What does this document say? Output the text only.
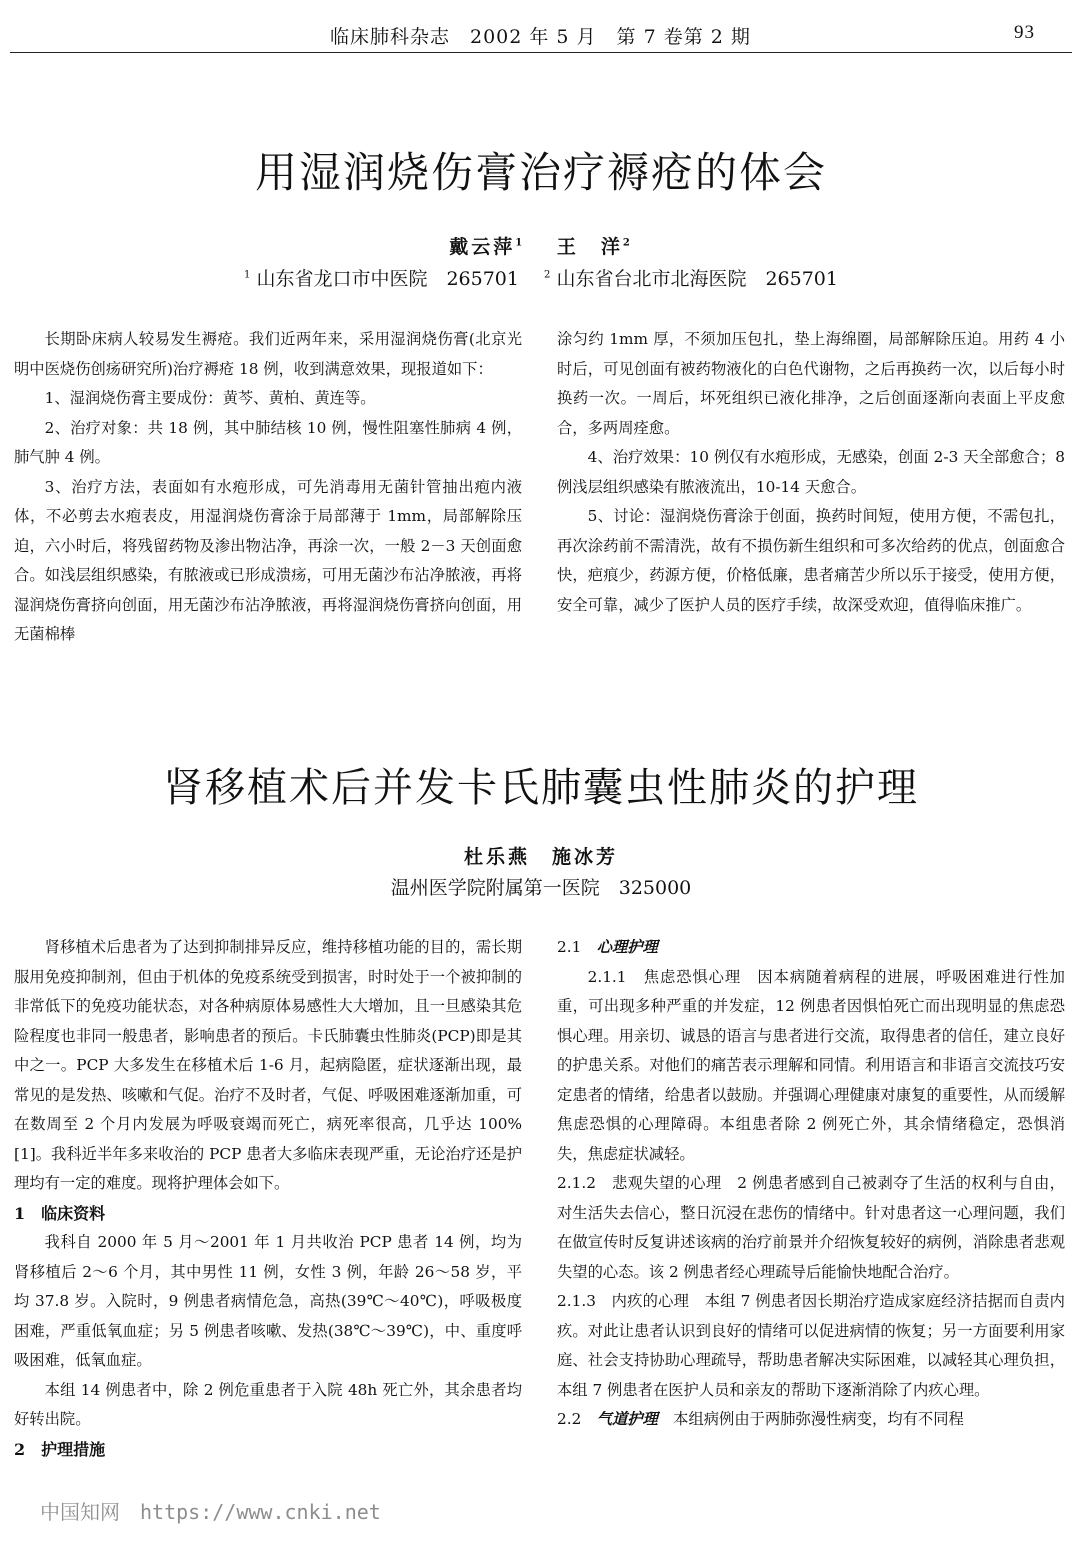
临床肺科杂志　2002 年 5 月　第 7 卷第 2 期	93
用湿润烧伤膏治疗褥疮的体会
戴云萍$^1$　 王　洋$^2$
$^1$ 山东省龙口市中医院　265701 　	$^2$ 山东省台北市北海医院　265701

长期卧床病人较易发生褥疮。我们近两年来，采用湿润烧伤膏(北京光明中医烧伤创疡研究所)治疗褥疮 18 例，收到满意效果，现报道如下：

1、湿润烧伤膏主要成份：黄芩、黄柏、黄连等。

2、治疗对象：共 18 例，其中肺结核 10 例，慢性阻塞性肺病 4 例，肺气肿 4 例。

3、治疗方法，表面如有水疱形成，可先消毒用无菌针管抽出疱内液体，不必剪去水疱表皮，用湿润烧伤膏涂于局部薄于 1mm，局部解除压迫，六小时后，将残留药物及渗出物沾净，再涂一次，一般 2－3 天创面愈合。如浅层组织感染，有脓液或已形成溃疡，可用无菌沙布沾净脓液，再将湿润烧伤膏挤向创面，用无菌沙布沾净脓液，再将湿润烧伤膏挤向创面，用无菌棉棒

涂匀约 1mm 厚，不须加压包扎，垫上海绵圈，局部解除压迫。用药 4 小时后，可见创面有被药物液化的白色代谢物，之后再换药一次，以后每小时换药一次。一周后，坏死组织已液化排净，之后创面逐渐向表面上平皮愈合，多两周痊愈。

4、治疗效果：10 例仅有水疱形成，无感染，创面 2-3 天全部愈合；8 例浅层组织感染有脓液流出，10-14 天愈合。

5、讨论：湿润烧伤膏涂于创面，换药时间短，使用方便，不需包扎，再次涂药前不需清洗，故有不损伤新生组织和可多次给药的优点，创面愈合快，疤痕少，药源方便，价格低廉，患者痛苦少所以乐于接受，使用方便，安全可靠，减少了医护人员的医疗手续，故深受欢迎，值得临床推广。

肾移植术后并发卡氏肺囊虫性肺炎的护理
杜乐燕　施冰芳
温州医学院附属第一医院　325000

肾移植术后患者为了达到抑制排异反应，维持移植功能的目的，需长期服用免疫抑制剂，但由于机体的免疫系统受到损害，时时处于一个被抑制的非常低下的免疫功能状态，对各种病原体易感性大大增加，且一旦感染其危险程度也非同一般患者，影响患者的预后。卡氏肺囊虫性肺炎(PCP)即是其中之一。PCP 大多发生在移植术后 1-6 月，起病隐匿，症状逐渐出现，最常见的是发热、咳嗽和气促。治疗不及时者，气促、呼吸困难逐渐加重，可在数周至 2 个月内发展为呼吸衰竭而死亡，病死率很高，几乎达 100%[1]。我科近半年多来收治的 PCP 患者大多临床表现严重，无论治疗还是护理均有一定的难度。现将护理体会如下。

1 临床资料

我科自 2000 年 5 月～2001 年 1 月共收治 PCP 患者 14 例，均为肾移植后 2～6 个月，其中男性 11 例，女性 3 例，年龄 26～58 岁，平均 37.8 岁。入院时，9 例患者病情危急，高热(39℃～40℃)，呼吸极度困难，严重低氧血症；另 5 例患者咳嗽、发热(38℃～39℃)，中、重度呼吸困难，低氧血症。

本组 14 例患者中，除 2 例危重患者于入院 48h 死亡外，其余患者均好转出院。

2 护理措施

2.1　 心理护理

2.1.1　 焦虑恐惧心理　 因本病随着病程的进展，呼吸困难进行性加重，可出现多种严重的并发症，12 例患者因惧怕死亡而出现明显的焦虑恐惧心理。用亲切、诚恳的语言与患者进行交流，取得患者的信任，建立良好的护患关系。对他们的痛苦表示理解和同情。利用语言和非语言交流技巧安定患者的情绪，给患者以鼓励。并强调心理健康对康复的重要性，从而缓解焦虑恐惧的心理障碍。本组患者除 2 例死亡外，其余情绪稳定，恐惧消失，焦虑症状减轻。

2.1.2　 悲观失望的心理　 2 例患者感到自己被剥夺了生活的权利与自由，对生活失去信心，整日沉浸在悲伤的情绪中。针对患者这一心理问题，我们在做宣传时反复讲述该病的治疗前景并介绍恢复较好的病例，消除患者悲观失望的心态。该 2 例患者经心理疏导后能愉快地配合治疗。

2.1.3　 内疚的心理　 本组 7 例患者因长期治疗造成家庭经济拮据而自责内疚。对此让患者认识到良好的情绪可以促进病情的恢复；另一方面要利用家庭、社会支持协助心理疏导，帮助患者解决实际困难，以减轻其心理负担，本组 7 例患者在医护人员和亲友的帮助下逐渐消除了内疚心理。

2.2　 气道护理　 本组病例由于两肺弥漫性病变，均有不同程

中国知网　https://www.cnki.net
